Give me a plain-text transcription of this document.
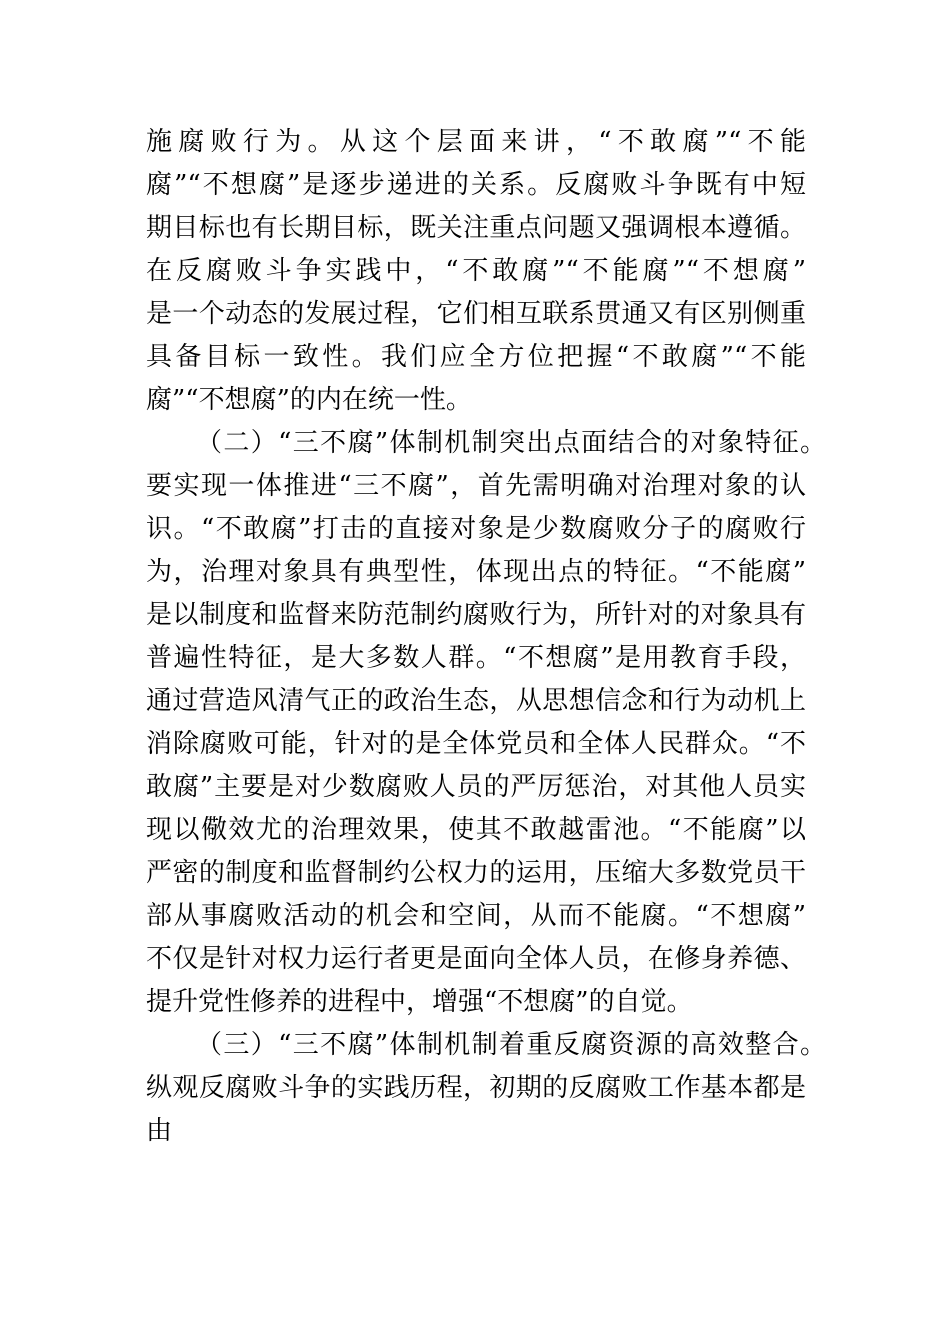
施腐败行为。从这个层面来讲，“不敢腐”“不能
腐”“不想腐”是逐步递进的关系。反腐败斗争既有中短
期目标也有长期目标，既关注重点问题又强调根本遵循。
在反腐败斗争实践中，“不敢腐”“不能腐”“不想腐”
是一个动态的发展过程，它们相互联系贯通又有区别侧重
具备目标一致性。我们应全方位把握“不敢腐”“不能
腐”“不想腐”的内在统一性。
（二）“三不腐”体制机制突出点面结合的对象特征。
要实现一体推进“三不腐”，首先需明确对治理对象的认
识。“不敢腐”打击的直接对象是少数腐败分子的腐败行
为，治理对象具有典型性，体现出点的特征。“不能腐”
是以制度和监督来防范制约腐败行为，所针对的对象具有
普遍性特征，是大多数人群。“不想腐”是用教育手段，
通过营造风清气正的政治生态，从思想信念和行为动机上
消除腐败可能，针对的是全体党员和全体人民群众。“不
敢腐”主要是对少数腐败人员的严厉惩治，对其他人员实
现以儆效尤的治理效果，使其不敢越雷池。“不能腐”以
严密的制度和监督制约公权力的运用，压缩大多数党员干
部从事腐败活动的机会和空间，从而不能腐。“不想腐”
不仅是针对权力运行者更是面向全体人员，在修身养德、
提升党性修养的进程中，增强“不想腐”的自觉。
（三）“三不腐”体制机制着重反腐资源的高效整合。
纵观反腐败斗争的实践历程，初期的反腐败工作基本都是
由
